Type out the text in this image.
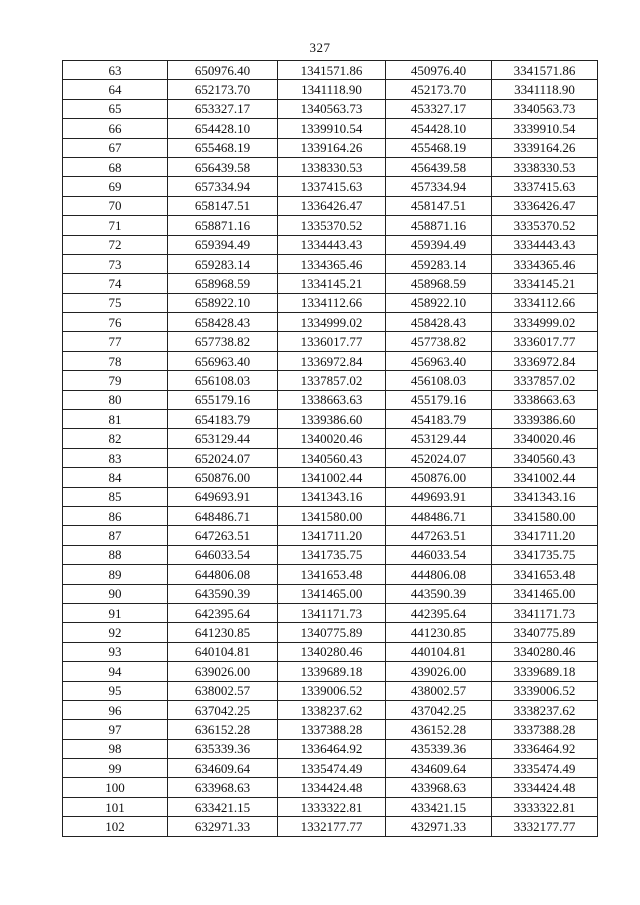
327
63	650976.40	1341571.86	450976.40	3341571.86
64	652173.70	1341118.90	452173.70	3341118.90
65	653327.17	1340563.73	453327.17	3340563.73
66	654428.10	1339910.54	454428.10	3339910.54
67	655468.19	1339164.26	455468.19	3339164.26
68	656439.58	1338330.53	456439.58	3338330.53
69	657334.94	1337415.63	457334.94	3337415.63
70	658147.51	1336426.47	458147.51	3336426.47
71	658871.16	1335370.52	458871.16	3335370.52
72	659394.49	1334443.43	459394.49	3334443.43
73	659283.14	1334365.46	459283.14	3334365.46
74	658968.59	1334145.21	458968.59	3334145.21
75	658922.10	1334112.66	458922.10	3334112.66
76	658428.43	1334999.02	458428.43	3334999.02
77	657738.82	1336017.77	457738.82	3336017.77
78	656963.40	1336972.84	456963.40	3336972.84
79	656108.03	1337857.02	456108.03	3337857.02
80	655179.16	1338663.63	455179.16	3338663.63
81	654183.79	1339386.60	454183.79	3339386.60
82	653129.44	1340020.46	453129.44	3340020.46
83	652024.07	1340560.43	452024.07	3340560.43
84	650876.00	1341002.44	450876.00	3341002.44
85	649693.91	1341343.16	449693.91	3341343.16
86	648486.71	1341580.00	448486.71	3341580.00
87	647263.51	1341711.20	447263.51	3341711.20
88	646033.54	1341735.75	446033.54	3341735.75
89	644806.08	1341653.48	444806.08	3341653.48
90	643590.39	1341465.00	443590.39	3341465.00
91	642395.64	1341171.73	442395.64	3341171.73
92	641230.85	1340775.89	441230.85	3340775.89
93	640104.81	1340280.46	440104.81	3340280.46
94	639026.00	1339689.18	439026.00	3339689.18
95	638002.57	1339006.52	438002.57	3339006.52
96	637042.25	1338237.62	437042.25	3338237.62
97	636152.28	1337388.28	436152.28	3337388.28
98	635339.36	1336464.92	435339.36	3336464.92
99	634609.64	1335474.49	434609.64	3335474.49
100	633968.63	1334424.48	433968.63	3334424.48
101	633421.15	1333322.81	433421.15	3333322.81
102	632971.33	1332177.77	432971.33	3332177.77
